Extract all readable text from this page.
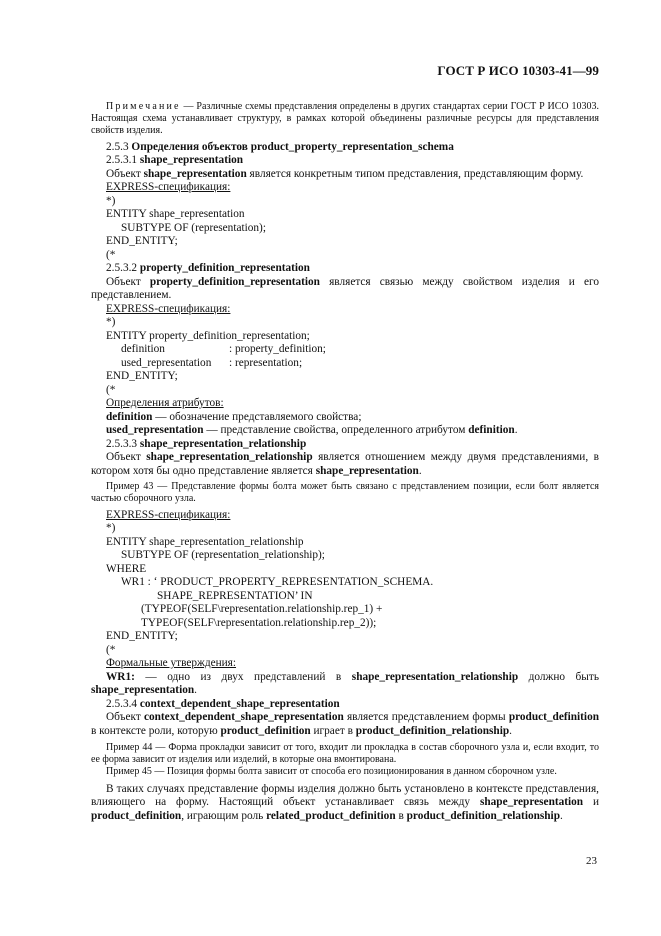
ГОСТ Р ИСО 10303-41—99

Примечание — Различные схемы представления определены в других стандартах серии ГОСТ Р ИСО 10303. Настоящая схема устанавливает структуру, в рамках которой объединены различные ресурсы для представления свойств изделия.

2.5.3 Определения объектов product_property_representation_schema

2.5.3.1 shape_representation

Объект shape_representation является конкретным типом представления, представляющим форму.

EXPRESS-спецификация:

*)

ENTITY shape_representation

SUBTYPE OF (representation);

END_ENTITY;

(*

2.5.3.2 property_definition_representation

Объект property_definition_representation является связью между свойством изделия и его представлением.

EXPRESS-спецификация:

*)

ENTITY property_definition_representation;

definition	: property_definition;
used_representation	: representation;

END_ENTITY;

(*

Определения атрибутов:

definition — обозначение представляемого свойства;

used_representation — представление свойства, определенного атрибутом definition.

2.5.3.3 shape_representation_relationship

Объект shape_representation_relationship является отношением между двумя представлениями, в котором хотя бы одно представление является shape_representation.

Пример 43 — Представление формы болта может быть связано с представлением позиции, если болт является частью сборочного узла.

EXPRESS-спецификация:

*)

ENTITY shape_representation_relationship

SUBTYPE OF (representation_relationship);

WHERE

WR1 : ‘ PRODUCT_PROPERTY_REPRESENTATION_SCHEMA.

SHAPE_REPRESENTATION’ IN

(TYPEOF(SELF\representation.relationship.rep_1) +

TYPEOF(SELF\representation.relationship.rep_2));

END_ENTITY;

(*

Формальные утверждения:

WR1: — одно из двух представлений в shape_representation_relationship должно быть shape_representation.

2.5.3.4 context_dependent_shape_representation

Объект context_dependent_shape_representation является представлением формы product_definition в контексте роли, которую product_definition играет в product_definition_relationship.

Пример 44 — Форма прокладки зависит от того, входит ли прокладка в состав сборочного узла и, если входит, то ее форма зависит от изделия или изделий, в которые она вмонтирована.

Пример 45 — Позиция формы болта зависит от способа его позиционирования в данном сборочном узле.

В таких случаях представление формы изделия должно быть установлено в контексте представления, влияющего на форму. Настоящий объект устанавливает связь между shape_representation и product_definition, играющим роль related_product_definition в product_definition_relationship.

23
